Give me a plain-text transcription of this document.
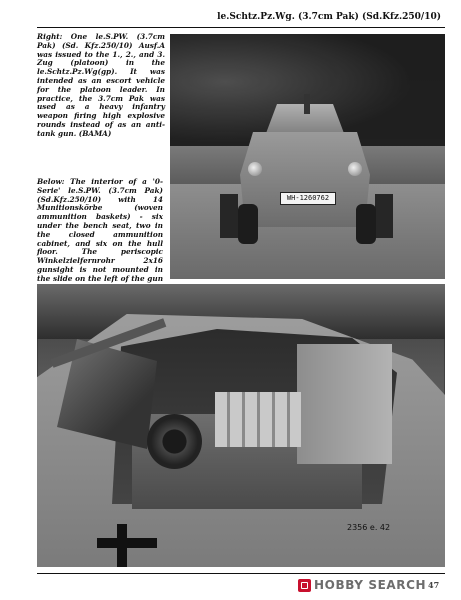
le.Schtz.Pz.Wg. (3.7cm Pak) (Sd.Kfz.250/10)
Right: One le.S.PW. (3.7cm Pak) (Sd. Kfz.250/10) Ausf.A was issued to the 1., 2., and 3. Zug (platoon) in the le.Schtz.Pz.Wg(gp). It was intended as an escort vehicle for the platoon leader. In practice, the 3.7cm Pak was used as a heavy infantry weapon firing high explosive rounds instead of as an anti-tank gun. (BAMA)
Below: The interior of a '0-Serie' le.S.PW. (3.7cm Pak) (Sd.Kfz.250/10) with 14 Munitionskörbe (woven ammunition baskets) - six under the bench seat, two in the closed ammunition cabinet, and six on the hull floor. The periscopic Winkelzielfernrohr 2x16 gunsight is not mounted in the slide on the left of the gun
WH-1260762
2356 e. 42
HOBBY SEARCH 47
